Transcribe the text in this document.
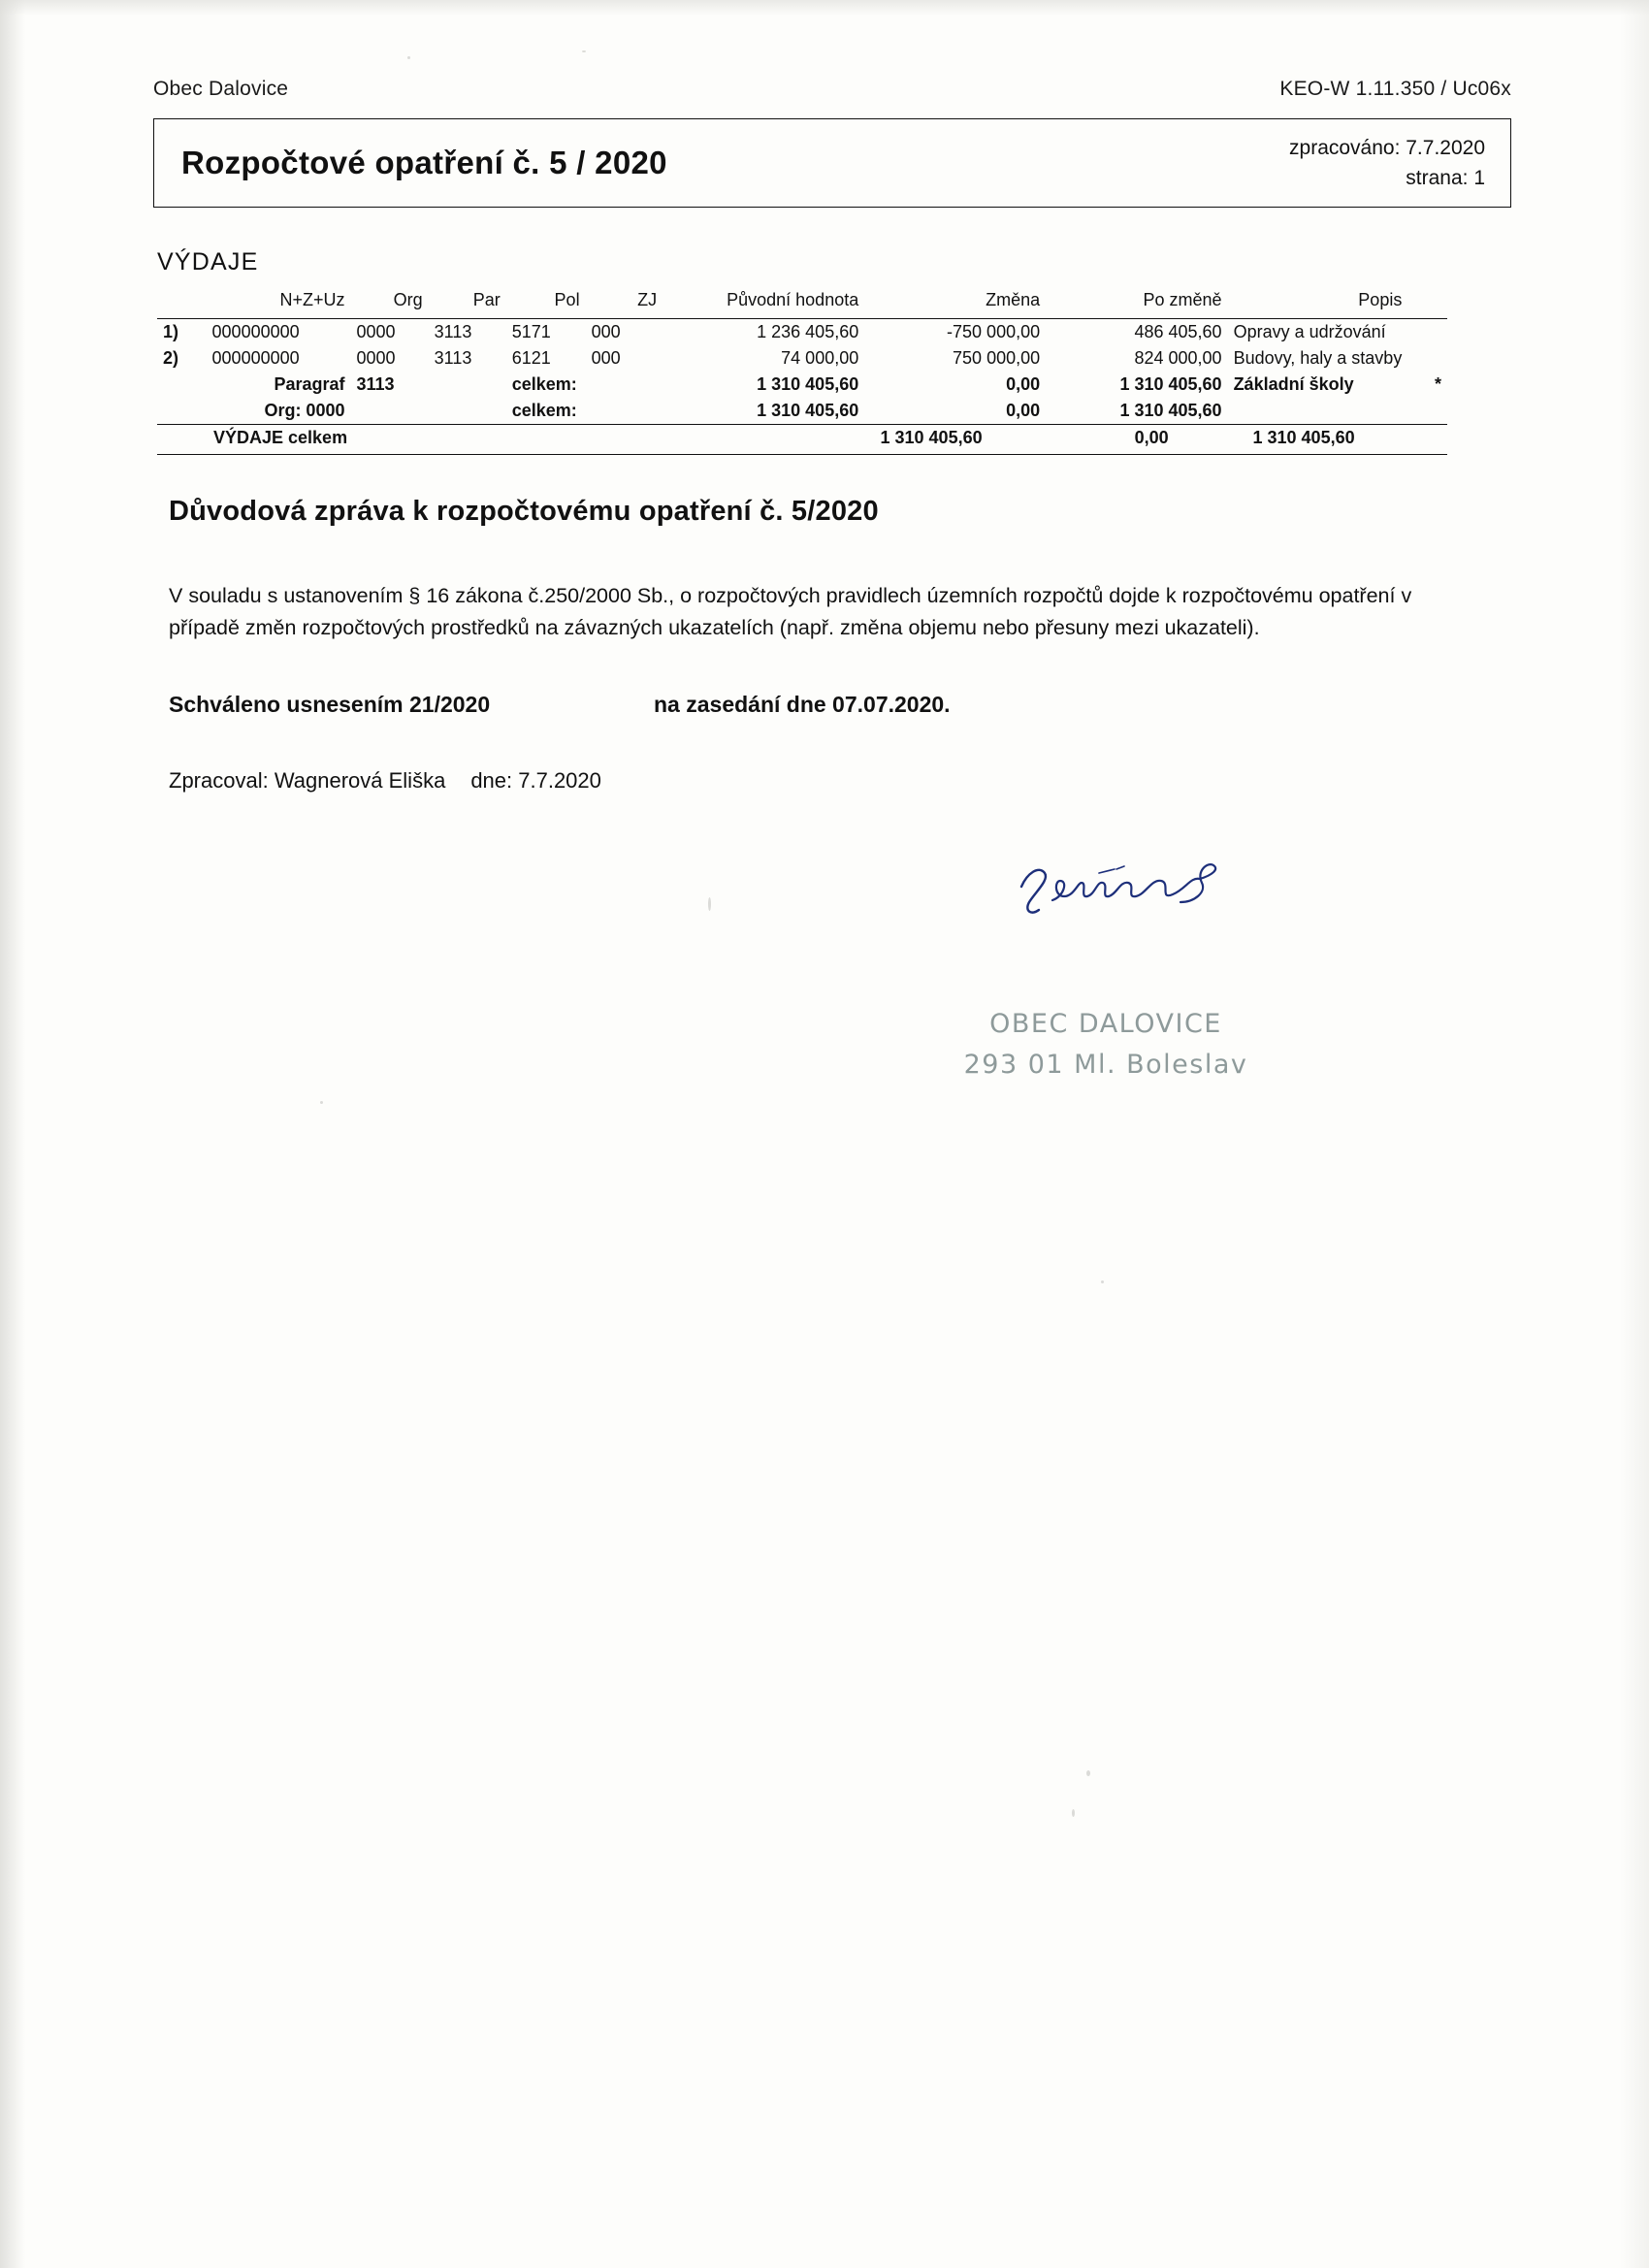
Obec Dalovice	KEO-W 1.11.350 / Uc06x
Rozpočtové opatření č. 5 / 2020	zpracováno: 7.7.2020
strana: 1
VÝDAJE
	N+Z+Uz	Org	Par	Pol	ZJ	Původní hodnota	Změna	Po změně	Popis	
1)	000000000	0000	3113	5171	000	1 236 405,60	-750 000,00	486 405,60	Opravy a udržování	
2)	000000000	0000	3113	6121	000	74 000,00	750 000,00	824 000,00	Budovy, haly a stavby	
	Paragraf	3113		celkem:		1 310 405,60	0,00	1 310 405,60	Základní školy	*
	Org: 0000			celkem:		1 310 405,60	0,00	1 310 405,60		
	VÝDAJE celkem	1 310 405,60	0,00	1 310 405,60		
Důvodová zpráva k rozpočtovému opatření č. 5/2020

V souladu s ustanovením § 16 zákona č.250/2000 Sb., o rozpočtových pravidlech územních rozpočtů dojde k rozpočtovému opatření v případě změn rozpočtových prostředků na závazných ukazatelích (např. změna objemu nebo přesuny mezi ukazateli).

Schváleno usnesením 21/2020	na zasedání dne 07.07.2020.
Zpracoval: Wagnerová Eliška dne: 7.7.2020
OBEC DALOVICE
293 01 Ml. Boleslav
